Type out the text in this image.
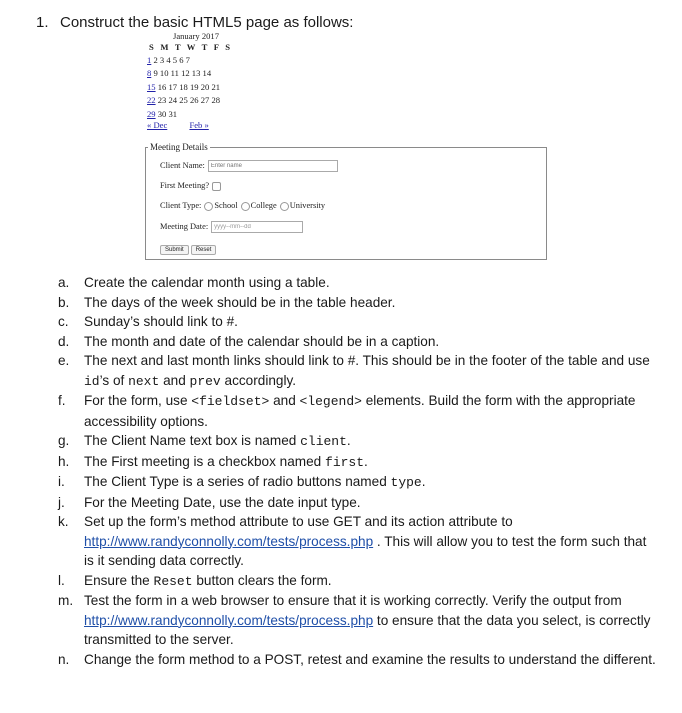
1. Construct the basic HTML5 page as follows:
January 2017
S M T W T F S
1 2 3 4 5 6 7
8 9 10 11 12 13 14
15 16 17 18 19 20 21
22 23 24 25 26 27 28
29 30 31
« Dec	Feb »
Meeting Details
Client Name:Enter name
First Meeting?
Client Type: School College University
Meeting Date:yyyy--mm--dd
Submit Reset
a. Create the calendar month using a table.
b. The days of the week should be in the table header.
c. Sunday’s should link to #.
d. The month and date of the calendar should be in a caption.
e. The next and last month links should link to #. This should be in the footer of the table and use id’s of next and prev accordingly.
f. For the form, use <fieldset> and <legend> elements. Build the form with the appropriate accessibility options.
g. The Client Name text box is named client.
h. The First meeting is a checkbox named first.
i. The Client Type is a series of radio buttons named type.
j. For the Meeting Date, use the date input type.
k. Set up the form’s method attribute to use GET and its action attribute to http://www.randyconnolly.com/tests/process.php . This will allow you to test the form such that is it sending data correctly.
l. Ensure the Reset button clears the form.
m. Test the form in a web browser to ensure that it is working correctly. Verify the output from http://www.randyconnolly.com/tests/process.php to ensure that the data you select, is correctly transmitted to the server.
n. Change the form method to a POST, retest and examine the results to understand the different.
